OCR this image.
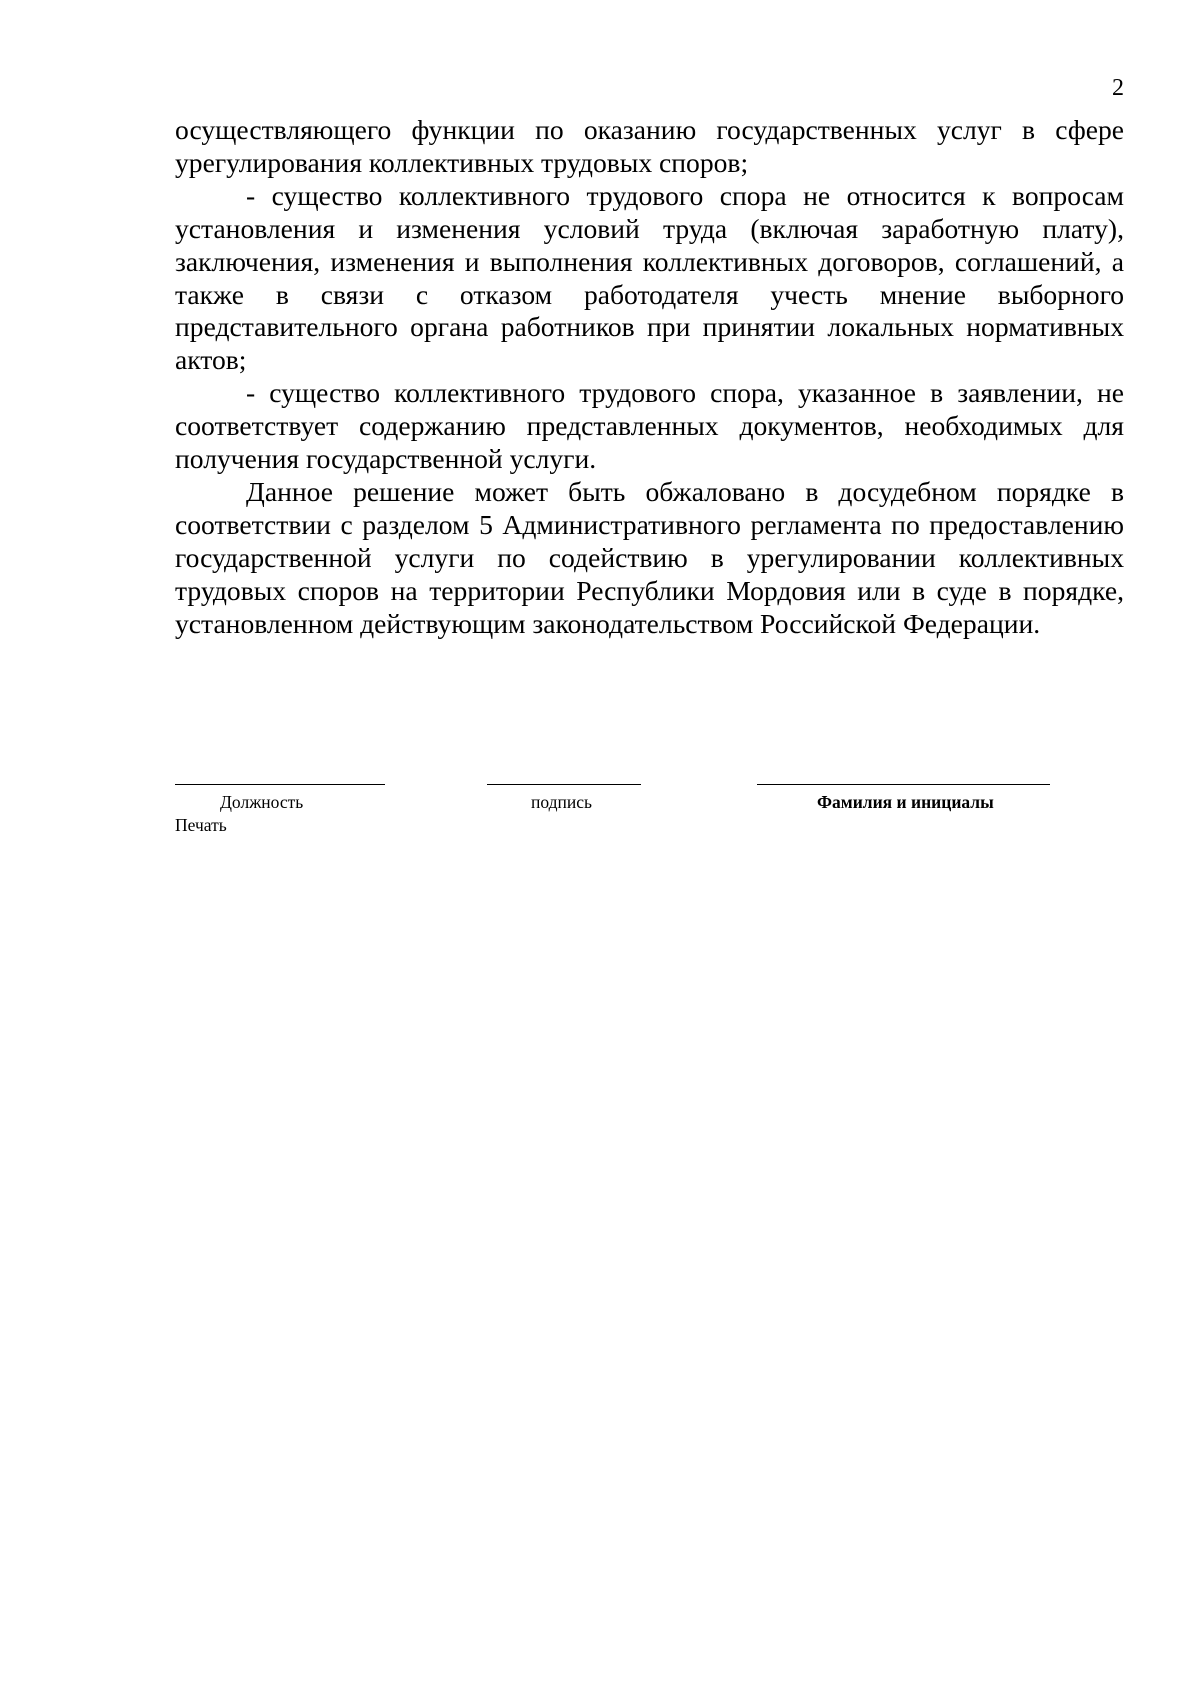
2

осуществляющего функции по оказанию государственных услуг в сфере урегулирования коллективных трудовых споров;

- существо коллективного трудового спора не относится к вопросам установления и изменения условий труда (включая заработную плату), заключения, изменения и выполнения коллективных договоров, соглашений, а также в связи с отказом работодателя учесть мнение выборного представительного органа работников при принятии локальных нормативных актов;

- существо коллективного трудового спора, указанное в заявлении, не соответствует содержанию представленных документов, необходимых для получения государственной услуги.

Данное решение может быть обжаловано в досудебном порядке в соответствии с разделом 5 Административного регламента по предоставлению государственной услуги по содействию в урегулировании коллективных трудовых споров на территории Республики Мордовия или в суде в порядке, установленном действующим законодательством Российской Федерации.

Должность	подпись	Фамилия и инициалы
Печать
